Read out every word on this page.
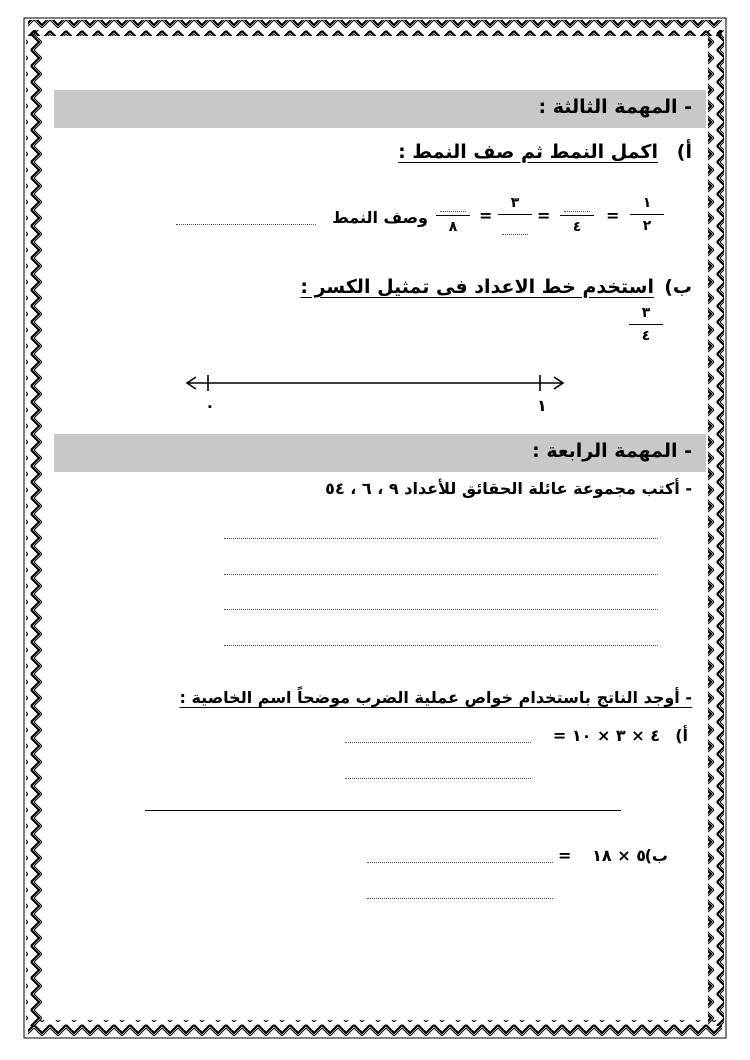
- المهمة الثالثة :
أ)
اكمل النمط ثم صف النمط :
١
٢
=
٤
=
٣
=
٨
وصف النمط
ب)
استخدم خط الاعداد فى تمثيل الكسر :
٣
٤
٠	١
- المهمة الرابعة :
- أكتب مجموعة عائلة الحقائق للأعداد ٩ ، ٦ ، ٥٤
- أوجد الناتج باستخدام خواص عملية الضرب موضحاً اسم الخاصية :
أ)
٤ × ٣ × ١٠ =
ب)
٥ × ١٨
=
